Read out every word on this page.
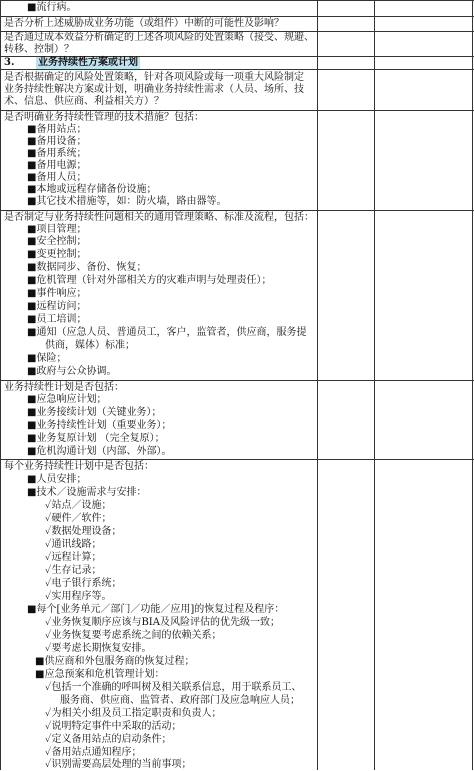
■流行病。
是否分析上述威胁成业务功能（或组件）中断的可能性及影响？
是否通过成本效益分析确定的上述各项风险的处置策略（接受、规避、
转移、控制）？
3. 业务持续性方案或计划
是否根据确定的风险处置策略，针对各项风险或每一项重大风险制定
业务持续性解决方案或计划，明确业务持续性需求（人员、场所、技
术、信息、供应商、利益相关方）？
是否明确业务持续性管理的技术措施？包括：
■备用站点；
■备用设备；
■备用系统；
■备用电源；
■备用人员；
■本地或远程存储备份设施；
■其它技术措施等，如：防火墙，路由器等。
是否制定与业务持续性问题相关的通用管理策略、标准及流程，包括：
■项目管理；
■安全控制；
■变更控制；
■数据同步、备份、恢复；
■危机管理（针对外部相关方的灾难声明与处理责任）；
■事件响应；
■远程访问；
■员工培训；
■通知（应急人员、普通员工，客户，监管者，供应商，服务提
供商，媒体）标准；
■保险；
■政府与公众协调。
业务持续性计划是否包括：
■应急响应计划；
■业务接续计划（关键业务）；
■业务持续性计划（重要业务）；
■业务复原计划 （完全复原）；
■危机沟通计划（内部、外部）。
每个业务持续性计划中是否包括：
■人员安排；
■技术／设施需求与安排：
✓站点／设施；
✓硬件／软件；
✓数据处理设备；
✓通讯线路；
✓远程计算；
✓生存记录；
✓电子银行系统；
✓实用程序等。
■每个[业务单元／部门／功能／应用]的恢复过程及程序：
✓业务恢复顺序应该与BIA及风险评估的优先级一致；
✓业务恢复要考虑系统之间的依赖关系；
✓要考虑长期恢复安排。
■供应商和外包服务商的恢复过程；
■应急预案和危机管理计划：
✓包括一个准确的呼叫树及相关联系信息，用于联系员工、
服务商、供应商、监管者、政府部门及应急响应人员；
✓为相关小组及员工指定职责和负责人；
✓说明特定事件中采取的活动；
✓定义备用站点的启动条件；
✓备用站点通知程序；
✓识别需要高层处理的当前事项；
